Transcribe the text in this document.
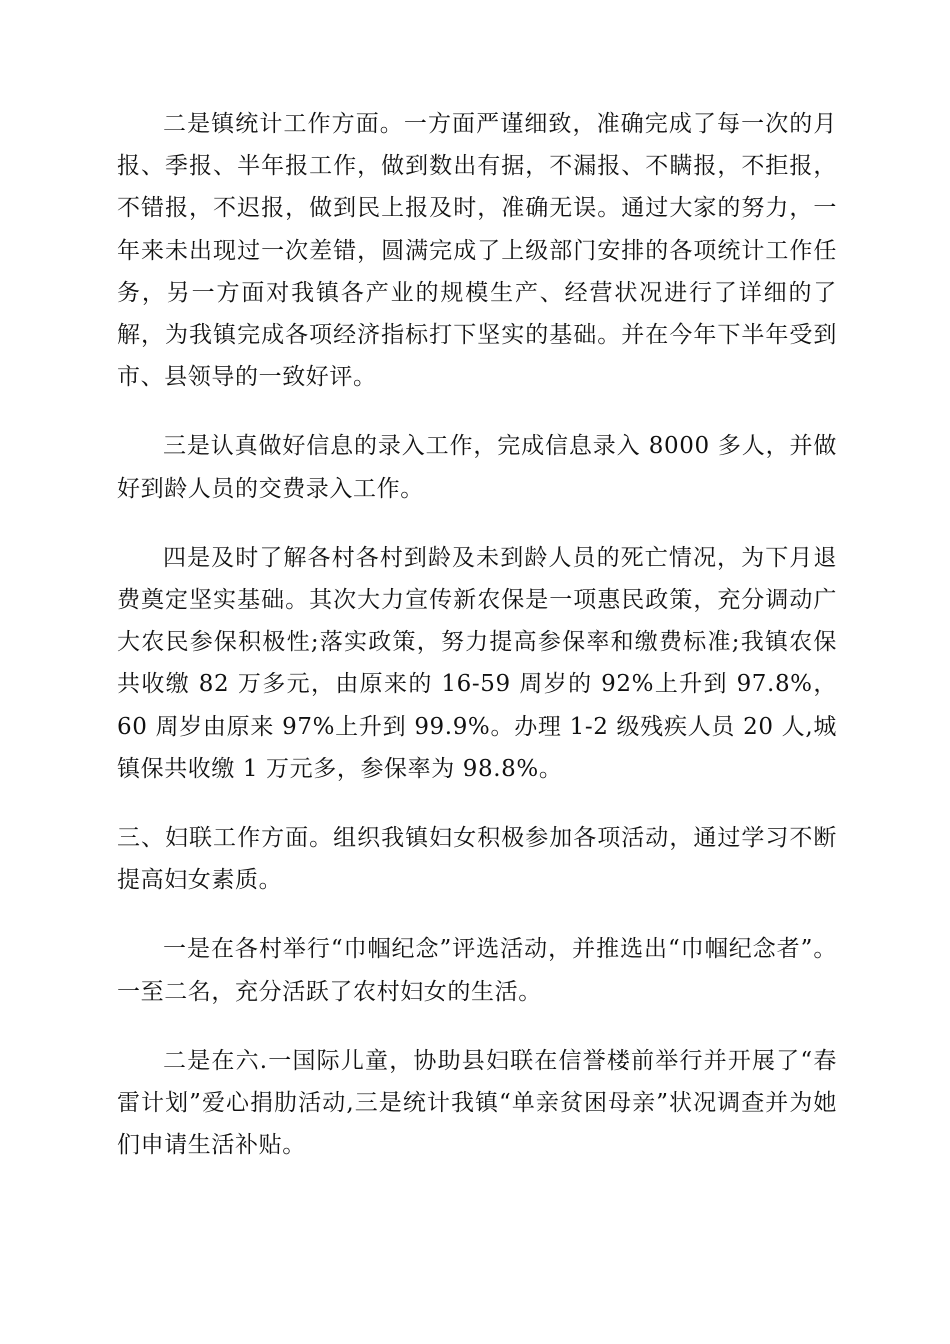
二是镇统计工作方面。一方面严谨细致，准确完成了每一次的月报、季报、半年报工作，做到数出有据，不漏报、不瞒报，不拒报，不错报，不迟报，做到民上报及时，准确无误。通过大家的努力，一年来未出现过一次差错，圆满完成了上级部门安排的各项统计工作任务，另一方面对我镇各产业的规模生产、经营状况进行了详细的了解，为我镇完成各项经济指标打下坚实的基础。并在今年下半年受到市、县领导的一致好评。

三是认真做好信息的录入工作，完成信息录入 8000 多人，并做好到龄人员的交费录入工作。

四是及时了解各村各村到龄及未到龄人员的死亡情况，为下月退费奠定坚实基础。其次大力宣传新农保是一项惠民政策，充分调动广大农民参保积极性;落实政策，努力提高参保率和缴费标准;我镇农保共收缴 82 万多元，由原来的 16-59 周岁的 92%上升到 97.8%，60 周岁由原来 97%上升到 99.9%。办理 1-2 级残疾人员 20 人,城镇保共收缴 1 万元多，参保率为 98.8%。

三、妇联工作方面。组织我镇妇女积极参加各项活动，通过学习不断提高妇女素质。

一是在各村举行“巾帼纪念”评选活动，并推选出“巾帼纪念者”。一至二名，充分活跃了农村妇女的生活。

二是在六.一国际儿童，协助县妇联在信誉楼前举行并开展了“春雷计划”爱心捐肋活动,三是统计我镇“单亲贫困母亲”状况调查并为她们申请生活补贴。
